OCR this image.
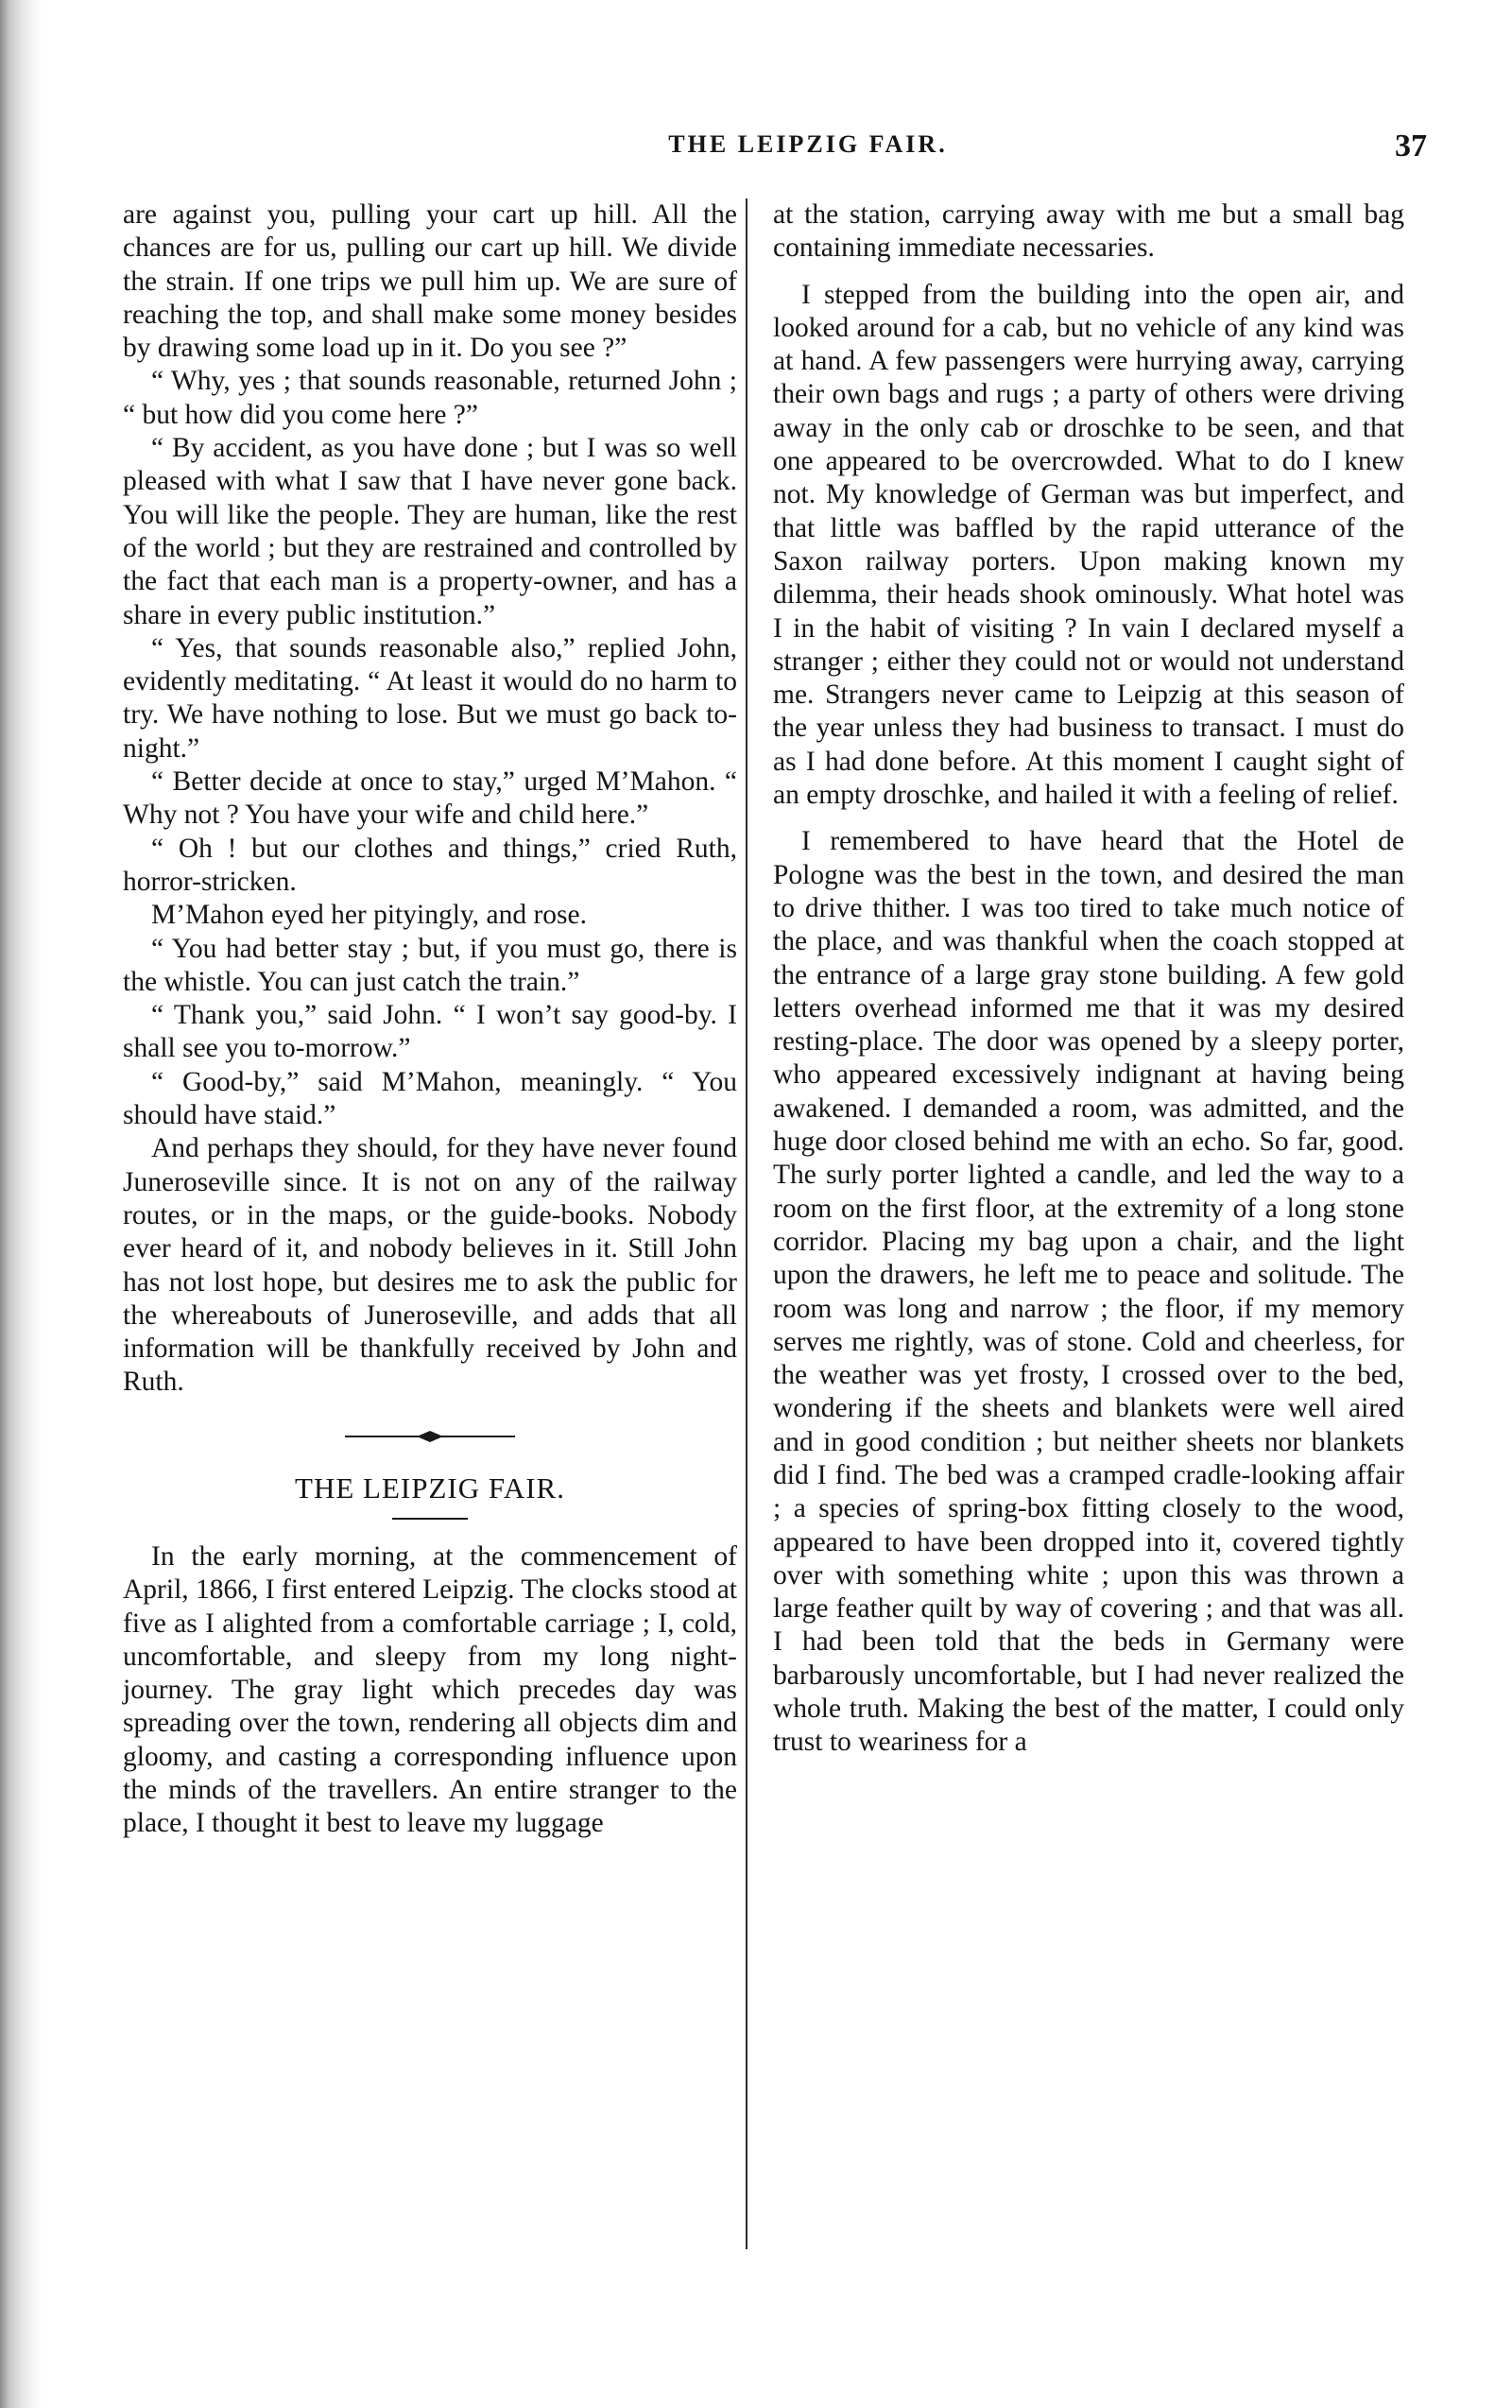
THE LEIPZIG FAIR.	37

are against you, pulling your cart up hill. All the chances are for us, pulling our cart up hill. We divide the strain. If one trips we pull him up. We are sure of reaching the top, and shall make some money besides by drawing some load up in it. Do you see ?”

“ Why, yes ; that sounds reasonable, returned John ; “ but how did you come here ?”

“ By accident, as you have done ; but I was so well pleased with what I saw that I have never gone back. You will like the people. They are human, like the rest of the world ; but they are restrained and controlled by the fact that each man is a property-owner, and has a share in every public institution.”

“ Yes, that sounds reasonable also,” replied John, evidently meditating. “ At least it would do no harm to try. We have nothing to lose. But we must go back to-night.”

“ Better decide at once to stay,” urged M’Mahon. “ Why not ? You have your wife and child here.”

“ Oh ! but our clothes and things,” cried Ruth, horror-stricken.

M’Mahon eyed her pityingly, and rose.

“ You had better stay ; but, if you must go, there is the whistle. You can just catch the train.”

“ Thank you,” said John. “ I won’t say good-by. I shall see you to-morrow.”

“ Good-by,” said M’Mahon, meaningly. “ You should have staid.”

And perhaps they should, for they have never found Juneroseville since. It is not on any of the railway routes, or in the maps, or the guide-books. Nobody ever heard of it, and nobody believes in it. Still John has not lost hope, but desires me to ask the public for the whereabouts of Juneroseville, and adds that all information will be thankfully received by John and Ruth.

THE LEIPZIG FAIR.

In the early morning, at the commencement of April, 1866, I first entered Leipzig. The clocks stood at five as I alighted from a comfortable carriage ; I, cold, uncomfortable, and sleepy from my long night-journey. The gray light which precedes day was spreading over the town, rendering all objects dim and gloomy, and casting a corresponding influence upon the minds of the travellers. An entire stranger to the place, I thought it best to leave my luggage

at the station, carrying away with me but a small bag containing immediate necessaries.

I stepped from the building into the open air, and looked around for a cab, but no vehicle of any kind was at hand. A few passengers were hurrying away, carrying their own bags and rugs ; a party of others were driving away in the only cab or droschke to be seen, and that one appeared to be overcrowded. What to do I knew not. My knowledge of German was but imperfect, and that little was baffled by the rapid utterance of the Saxon railway porters. Upon making known my dilemma, their heads shook ominously. What hotel was I in the habit of visiting ? In vain I declared myself a stranger ; either they could not or would not understand me. Strangers never came to Leipzig at this season of the year unless they had business to transact. I must do as I had done before. At this moment I caught sight of an empty droschke, and hailed it with a feeling of relief.

I remembered to have heard that the Hotel de Pologne was the best in the town, and desired the man to drive thither. I was too tired to take much notice of the place, and was thankful when the coach stopped at the entrance of a large gray stone building. A few gold letters overhead informed me that it was my desired resting-place. The door was opened by a sleepy porter, who appeared excessively indignant at having being awakened. I demanded a room, was admitted, and the huge door closed behind me with an echo. So far, good. The surly porter lighted a candle, and led the way to a room on the first floor, at the extremity of a long stone corridor. Placing my bag upon a chair, and the light upon the drawers, he left me to peace and solitude. The room was long and narrow ; the floor, if my memory serves me rightly, was of stone. Cold and cheerless, for the weather was yet frosty, I crossed over to the bed, wondering if the sheets and blankets were well aired and in good condition ; but neither sheets nor blankets did I find. The bed was a cramped cradle-looking affair ; a species of spring-box fitting closely to the wood, appeared to have been dropped into it, covered tightly over with something white ; upon this was thrown a large feather quilt by way of covering ; and that was all. I had been told that the beds in Germany were barbarously uncomfortable, but I had never realized the whole truth. Making the best of the matter, I could only trust to weariness for a
